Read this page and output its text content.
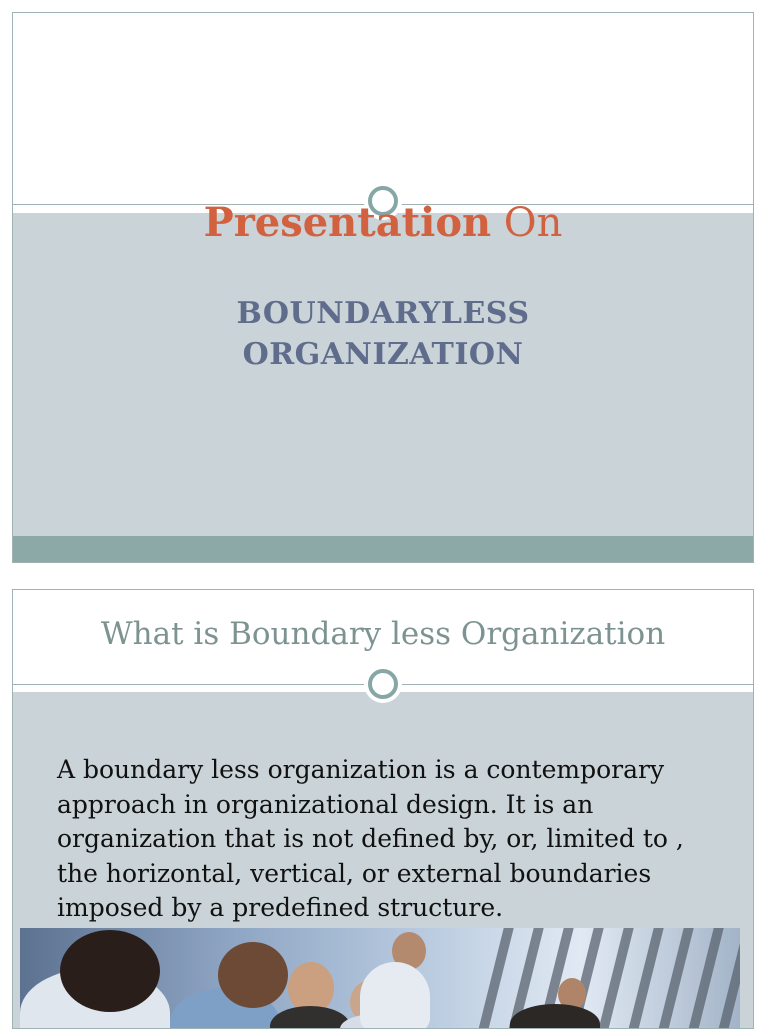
Presentation On
BOUNDARYLESS
ORGANIZATION
What is Boundary less Organization
A boundary less organization is a contemporary
approach in organizational design. It is an
organization that is not defined by, or, limited to ,
the horizontal, vertical, or external boundaries
imposed by a predefined structure.
